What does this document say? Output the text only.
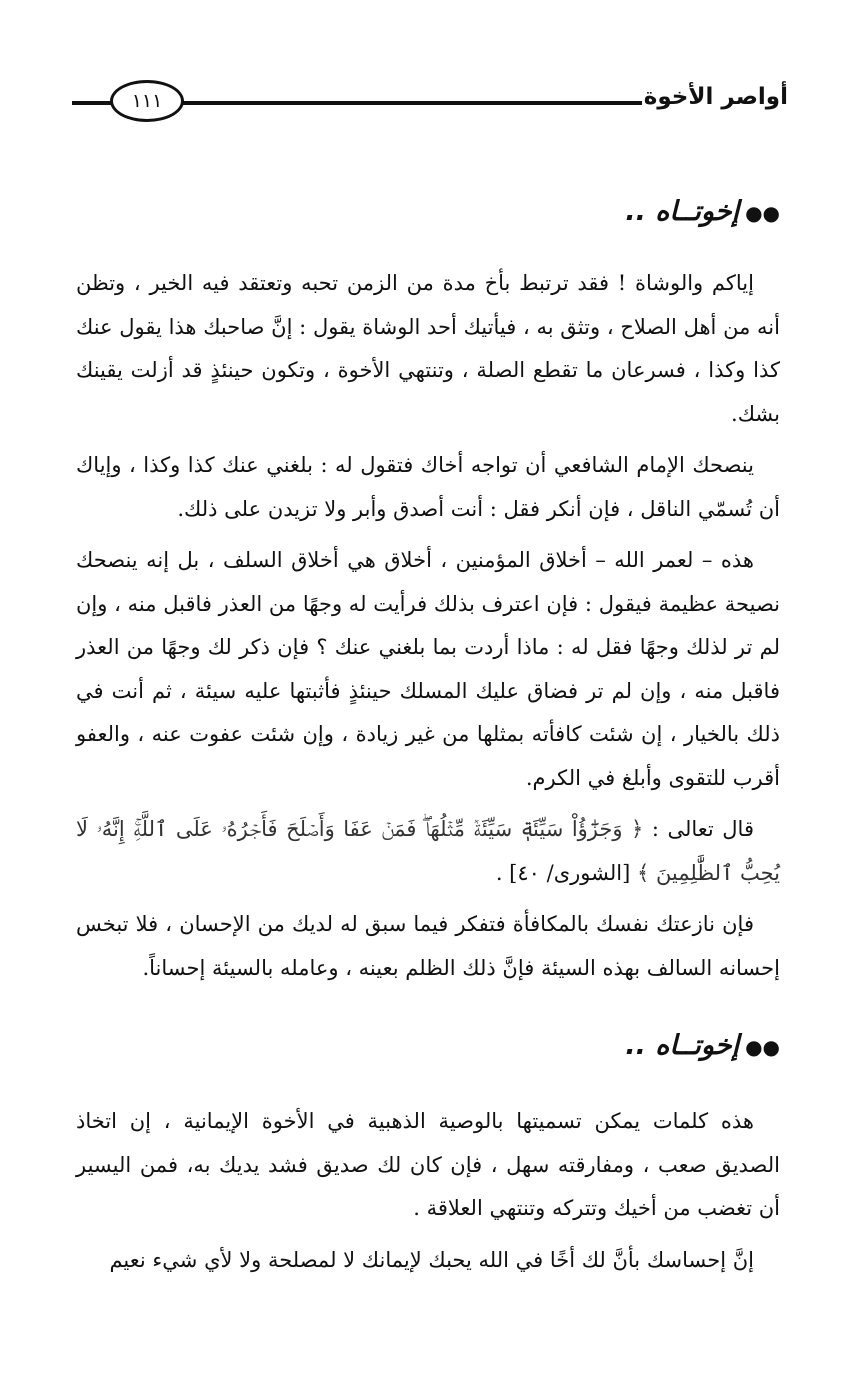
أواصر الأخوة
١١١
●●إخوتــاه ..

إياكم والوشاة ! فقد ترتبط بأخ مدة من الزمن تحبه وتعتقد فيه الخير ، وتظن أنه من أهل الصلاح ، وتثق به ، فيأتيك أحد الوشاة يقول : إنَّ صاحبك هذا يقول عنك كذا وكذا ، فسرعان ما تقطع الصلة ، وتنتهي الأخوة ، وتكون حينئذٍ قد أزلت يقينك بشك.

ينصحك الإمام الشافعي أن تواجه أخاك فتقول له : بلغني عنك كذا وكذا ، وإياك أن تُسمّي الناقل ، فإن أنكر فقل : أنت أصدق وأبر ولا تزيدن على ذلك.

هذه – لعمر الله – أخلاق المؤمنين ، أخلاق هي أخلاق السلف ، بل إنه ينصحك نصيحة عظيمة فيقول : فإن اعترف بذلك فرأيت له وجهًا من العذر فاقبل منه ، وإن لم تر لذلك وجهًا فقل له : ماذا أردت بما بلغني عنك ؟ فإن ذكر لك وجهًا من العذر فاقبل منه ، وإن لم تر فضاق عليك المسلك حينئذٍ فأثبتها عليه سيئة ، ثم أنت في ذلك بالخيار ، إن شئت كافأته بمثلها من غير زيادة ، وإن شئت عفوت عنه ، والعفو أقرب للتقوى وأبلغ في الكرم.

قال تعالى : ﴿ وَجَزَٰٓؤُاْ سَيِّئَةٖ سَيِّئَةٞ مِّثۡلُهَاۖ فَمَنۡ عَفَا وَأَصۡلَحَ فَأَجۡرُهُۥ عَلَى ٱللَّهِۚ إِنَّهُۥ لَا يُحِبُّ ٱلظَّٰلِمِينَ ﴾ [الشورى/ ٤٠] .

فإن نازعتك نفسك بالمكافأة فتفكر فيما سبق له لديك من الإحسان ، فلا تبخس إحسانه السالف بهذه السيئة فإنَّ ذلك الظلم بعينه ، وعامله بالسيئة إحساناً.

●●إخوتــاه ..

هذه كلمات يمكن تسميتها بالوصية الذهبية في الأخوة الإيمانية ، إن اتخاذ الصديق صعب ، ومفارقته سهل ، فإن كان لك صديق فشد يديك به، فمن اليسير أن تغضب من أخيك وتتركه وتنتهي العلاقة .

إنَّ إحساسك بأنَّ لك أخًا في الله يحبك لإيمانك لا لمصلحة ولا لأي شيء نعيم
